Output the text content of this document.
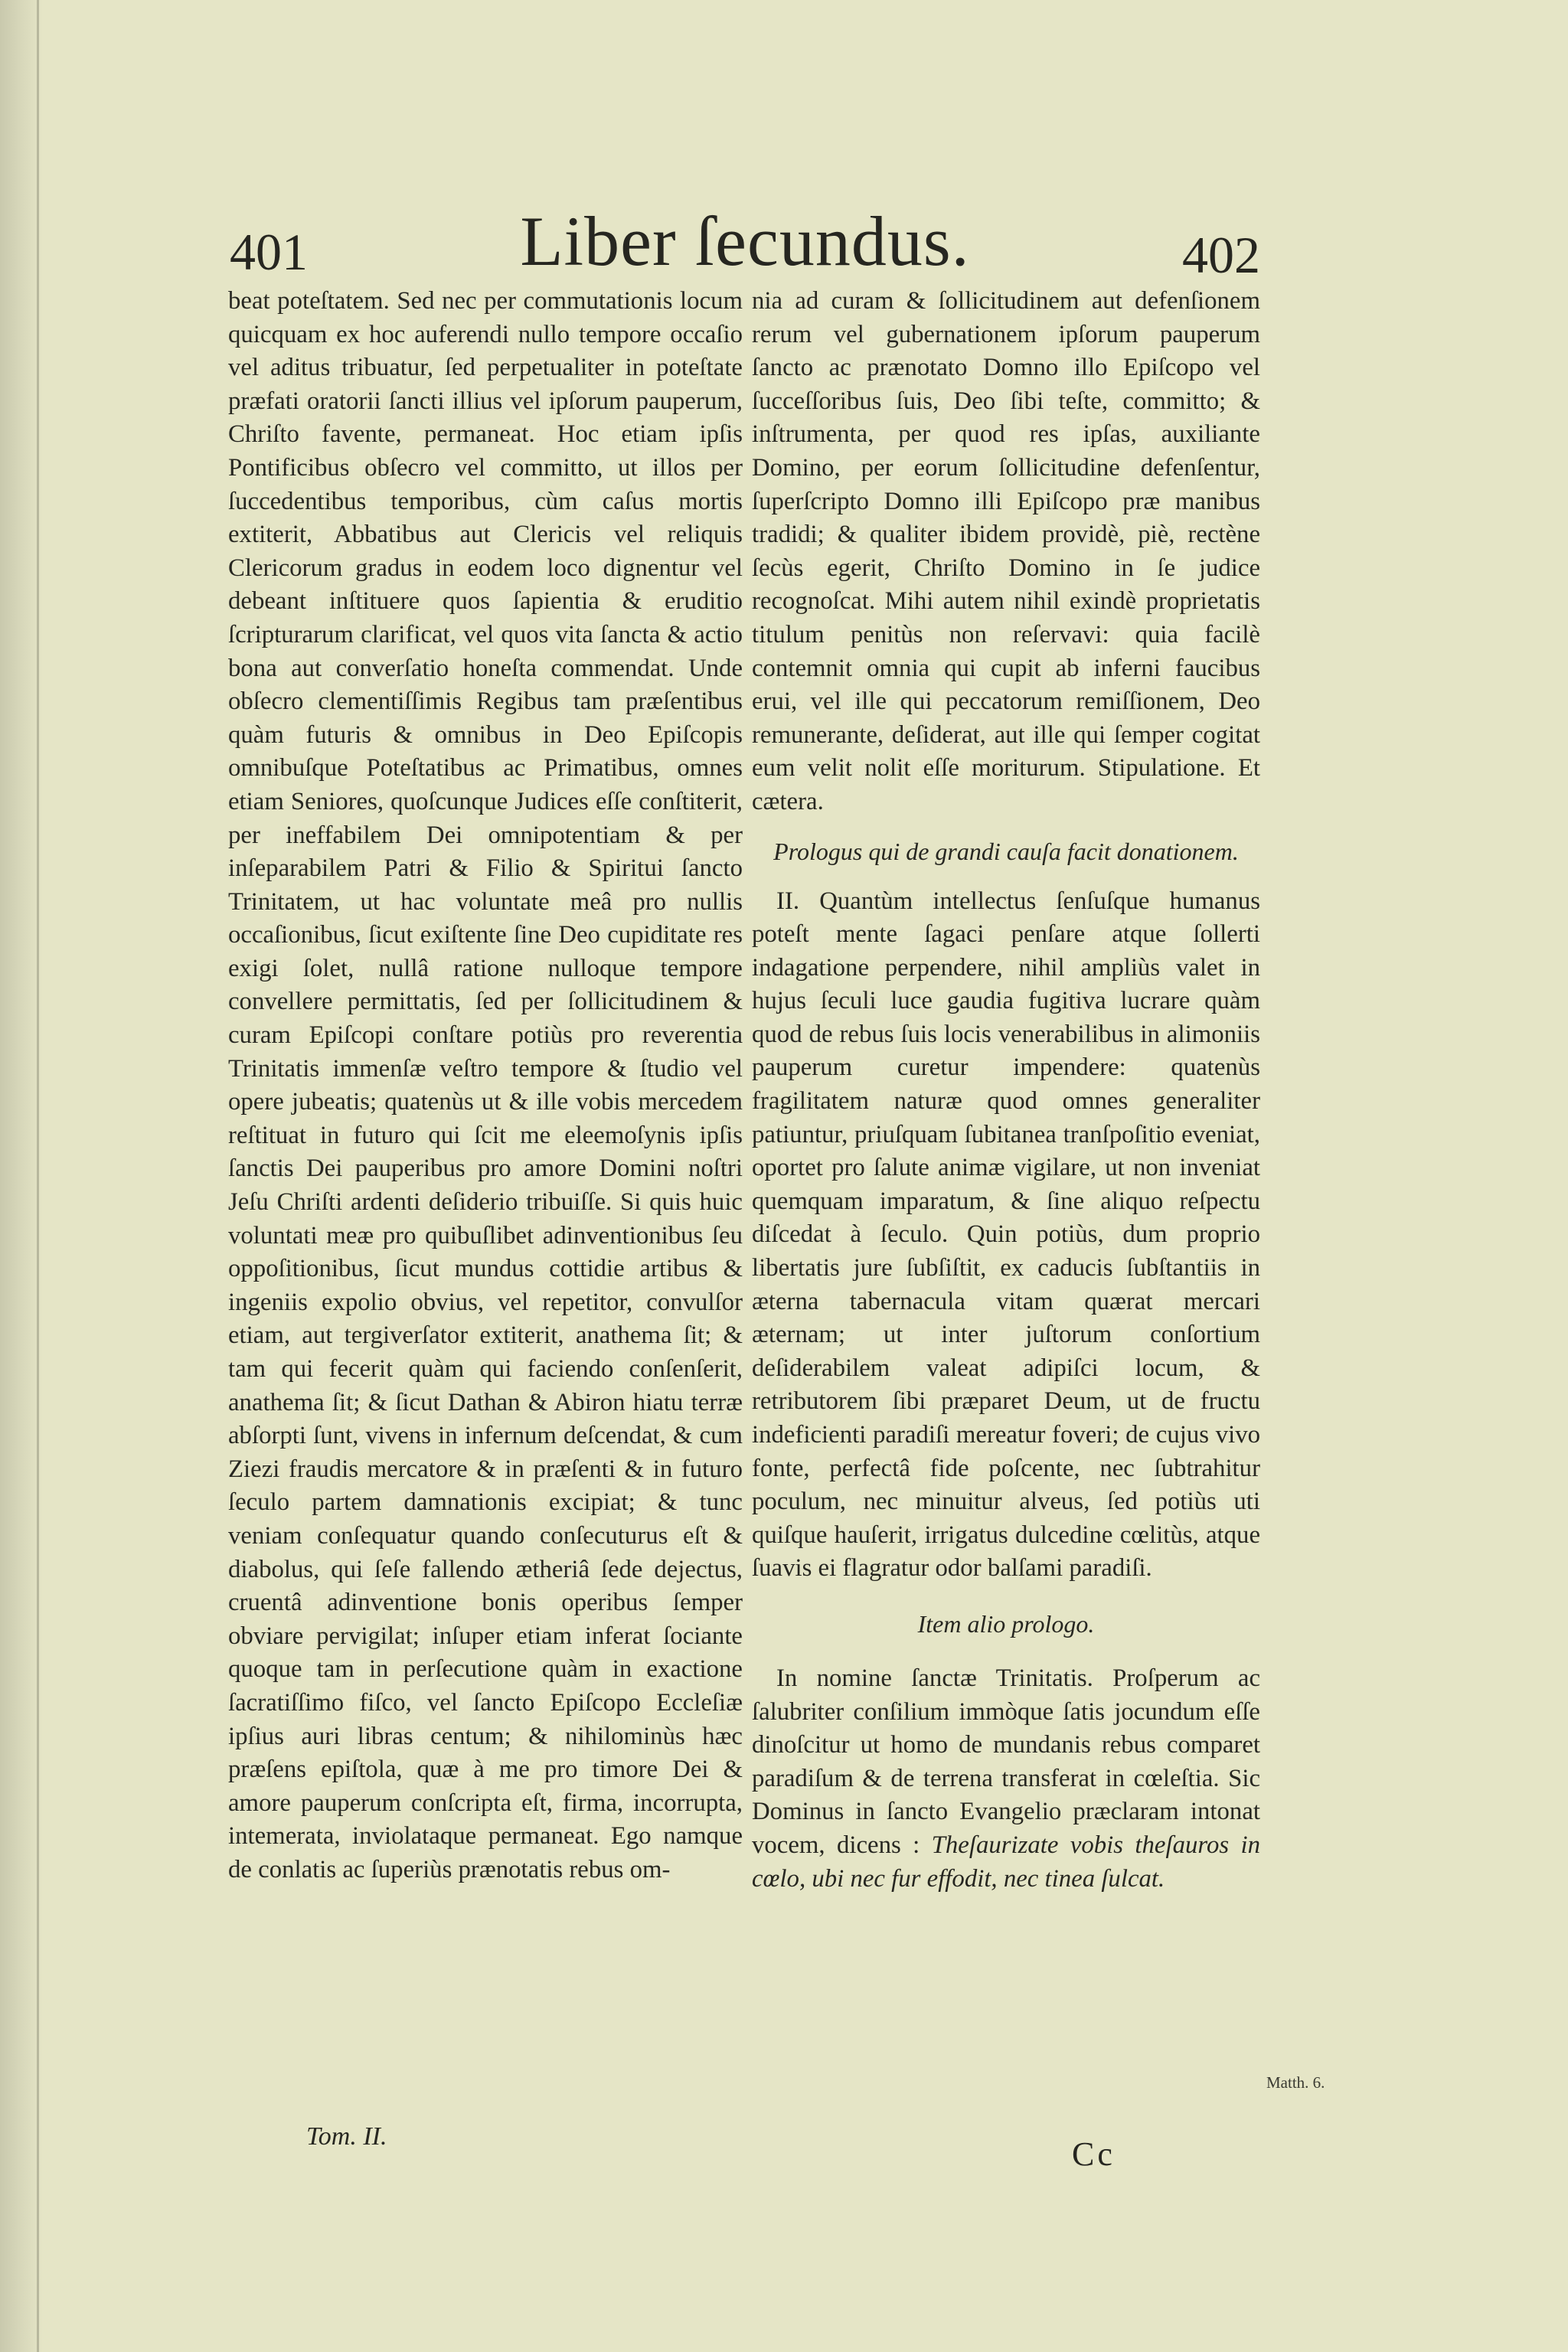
401	Liber ſecundus.	402

beat poteſtatem. Sed nec per commutationis locum quicquam ex hoc auferendi nullo tempore occaſio vel aditus tribuatur, ſed perpetualiter in poteſtate præfati oratorii ſancti illius vel ipſorum pauperum, Chriſto favente, permaneat. Hoc etiam ipſis Pontificibus obſecro vel committo, ut illos per ſuccedentibus temporibus, cùm caſus mortis extiterit, Abbatibus aut Clericis vel reliquis Clericorum gradus in eodem loco dignentur vel debeant inſtituere quos ſapientia & eruditio ſcripturarum clarificat, vel quos vita ſancta & actio bona aut converſatio honeſta commendat. Unde obſecro clementiſſimis Regibus tam præſentibus quàm futuris & omnibus in Deo Epiſcopis omnibuſque Poteſtatibus ac Primatibus, omnes etiam Seniores, quoſcunque Judices eſſe conſtiterit, per ineffabilem Dei omnipotentiam & per inſeparabilem Patri & Filio & Spiritui ſancto Trinitatem, ut hac voluntate meâ pro nullis occaſionibus, ſicut exiſtente ſine Deo cupiditate res exigi ſolet, nullâ ratione nulloque tempore convellere permittatis, ſed per ſollicitudinem & curam Epiſcopi conſtare potiùs pro reverentia Trinitatis immenſæ veſtro tempore & ſtudio vel opere jubeatis; quatenùs ut & ille vobis mercedem reſtituat in futuro qui ſcit me eleemoſynis ipſis ſanctis Dei pauperibus pro amore Domini noſtri Jeſu Chriſti ardenti deſiderio tribuiſſe. Si quis huic voluntati meæ pro quibuſlibet adinventionibus ſeu oppoſitionibus, ſicut mundus cottidie artibus & ingeniis expolio obvius, vel repetitor, convulſor etiam, aut tergiverſator extiterit, anathema ſit; & tam qui fecerit quàm qui faciendo conſenſerit, anathema ſit; & ſicut Dathan & Abiron hiatu terræ abſorpti ſunt, vivens in infernum deſcendat, & cum Ziezi fraudis mercatore & in præſenti & in futuro ſeculo partem damnationis excipiat; & tunc veniam conſequatur quando conſecuturus eſt & diabolus, qui ſeſe fallendo ætheriâ ſede dejectus, cruentâ adinventione bonis operibus ſemper obviare pervigilat; inſuper etiam inferat ſociante quoque tam in perſecutione quàm in exactione ſacratiſſimo fiſco, vel ſancto Epiſcopo Eccleſiæ ipſius auri libras centum; & nihilominùs hæc præſens epiſtola, quæ à me pro timore Dei & amore pauperum conſcripta eſt, firma, incorrupta, intemerata, inviolataque permaneat. Ego namque de conlatis ac ſuperiùs prænotatis rebus om-

nia ad curam & ſollicitudinem aut defenſionem rerum vel gubernationem ipſorum pauperum ſancto ac prænotato Domno illo Epiſcopo vel ſucceſſoribus ſuis, Deo ſibi teſte, committo; & inſtrumenta, per quod res ipſas, auxiliante Domino, per eorum ſollicitudine defenſentur, ſuperſcripto Domno illi Epiſcopo præ manibus tradidi; & qualiter ibidem providè, piè, rectène ſecùs egerit, Chriſto Domino in ſe judice recognoſcat. Mihi autem nihil exindè proprietatis titulum penitùs non reſervavi: quia facilè contemnit omnia qui cupit ab inferni faucibus erui, vel ille qui peccatorum remiſſionem, Deo remunerante, deſiderat, aut ille qui ſemper cogitat eum velit nolit eſſe moriturum. Stipulatione. Et cætera.

Prologus qui de grandi cauſa facit donationem.

II. Quantùm intellectus ſenſuſque humanus poteſt mente ſagaci penſare atque ſollerti indagatione perpendere, nihil ampliùs valet in hujus ſeculi luce gaudia fugitiva lucrare quàm quod de rebus ſuis locis venerabilibus in alimoniis pauperum curetur impendere: quatenùs fragilitatem naturæ quod omnes generaliter patiuntur, priuſquam ſubitanea tranſpoſitio eveniat, oportet pro ſalute animæ vigilare, ut non inveniat quemquam imparatum, & ſine aliquo reſpectu diſcedat à ſeculo. Quin potiùs, dum proprio libertatis jure ſubſiſtit, ex caducis ſubſtantiis in æterna tabernacula vitam quærat mercari æternam; ut inter juſtorum conſortium deſiderabilem valeat adipiſci locum, & retributorem ſibi præparet Deum, ut de fructu indeficienti paradiſi mereatur foveri; de cujus vivo fonte, perfectâ fide poſcente, nec ſubtrahitur poculum, nec minuitur alveus, ſed potiùs uti quiſque hauſerit, irrigatus dulcedine cœlitùs, atque ſuavis ei flagratur odor balſami paradiſi.

Item alio prologo.

In nomine ſanctæ Trinitatis. Proſperum ac ſalubriter conſilium immòque ſatis jocundum eſſe dinoſcitur ut homo de mundanis rebus comparet paradiſum & de terrena transferat in cœleſtia. Sic Dominus in ſancto Evangelio præclaram intonat vocem, dicens : Theſaurizate vobis theſauros in cœlo, ubi nec fur effodit, nec tinea ſulcat.

Tom. II.	Cc
Matth. 6.
